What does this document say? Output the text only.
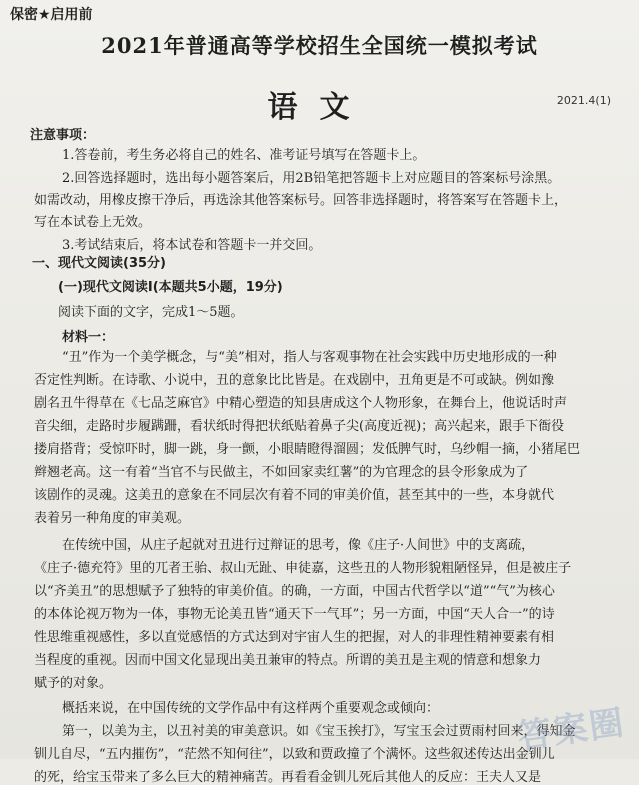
保密★启用前
2021年普通高等学校招生全国统一模拟考试
语文	2021.4(1)
注意事项：
1.答卷前，考生务必将自己的姓名、准考证号填写在答题卡上。
2.回答选择题时，选出每小题答案后，用2B铅笔把答题卡上对应题目的答案标号涂黑。
如需改动，用橡皮擦干净后，再选涂其他答案标号。回答非选择题时，将答案写在答题卡上，
写在本试卷上无效。
3.考试结束后，将本试卷和答题卡一并交回。
一、现代文阅读(35分)
(一)现代文阅读Ⅰ(本题共5小题，19分)
阅读下面的文字，完成1～5题。
材料一：
“丑”作为一个美学概念，与“美”相对，指人与客观事物在社会实践中历史地形成的一种
否定性判断。在诗歌、小说中，丑的意象比比皆是。在戏剧中，丑角更是不可或缺。例如豫
剧名丑牛得草在《七品芝麻官》中精心塑造的知县唐成这个人物形象，在舞台上，他说话时声
音尖细，走路时步履蹒跚，看状纸时得把状纸贴着鼻子尖(高度近视)；高兴起来，跟手下衙役
搂肩搭背；受惊吓时，脚一跳，身一颤，小眼睛瞪得溜圆；发低脾气时，乌纱帽一摘，小猪尾巴
辫翘老高。这一有着“当官不与民做主，不如回家卖红薯”的为官理念的县令形象成为了
该剧作的灵魂。这美丑的意象在不同层次有着不同的审美价值，甚至其中的一些，本身就代
表着另一种角度的审美观。
在传统中国，从庄子起就对丑进行过辩证的思考，像《庄子·人间世》中的支离疏，
《庄子·德充符》里的兀者王骀、叔山无趾、申徒嘉，这些丑的人物形貌粗陋怪异，但是被庄子
以“齐美丑”的思想赋予了独特的审美价值。的确，一方面，中国古代哲学以“道”“气”为核心
的本体论视万物为一体，事物无论美丑皆“通天下一气耳”；另一方面，中国“天人合一”的诗
性思维重视感性，多以直觉感悟的方式达到对宇宙人生的把握，对人的非理性精神要素有相
当程度的重视。因而中国文化显现出美丑兼审的特点。所谓的美丑是主观的情意和想象力
赋予的对象。
概括来说，在中国传统的文学作品中有这样两个重要观念或倾向：
第一，以美为主，以丑衬美的审美意识。如《宝玉挨打》，写宝玉会过贾雨村回来，得知金
钏儿自尽，“五内摧伤”，“茫然不知何往”，以致和贾政撞了个满怀。这些叙述传达出金钏儿
的死，给宝玉带来了多么巨大的精神痛苦。再看看金钏儿死后其他人的反应：王夫人又是
答案圈
